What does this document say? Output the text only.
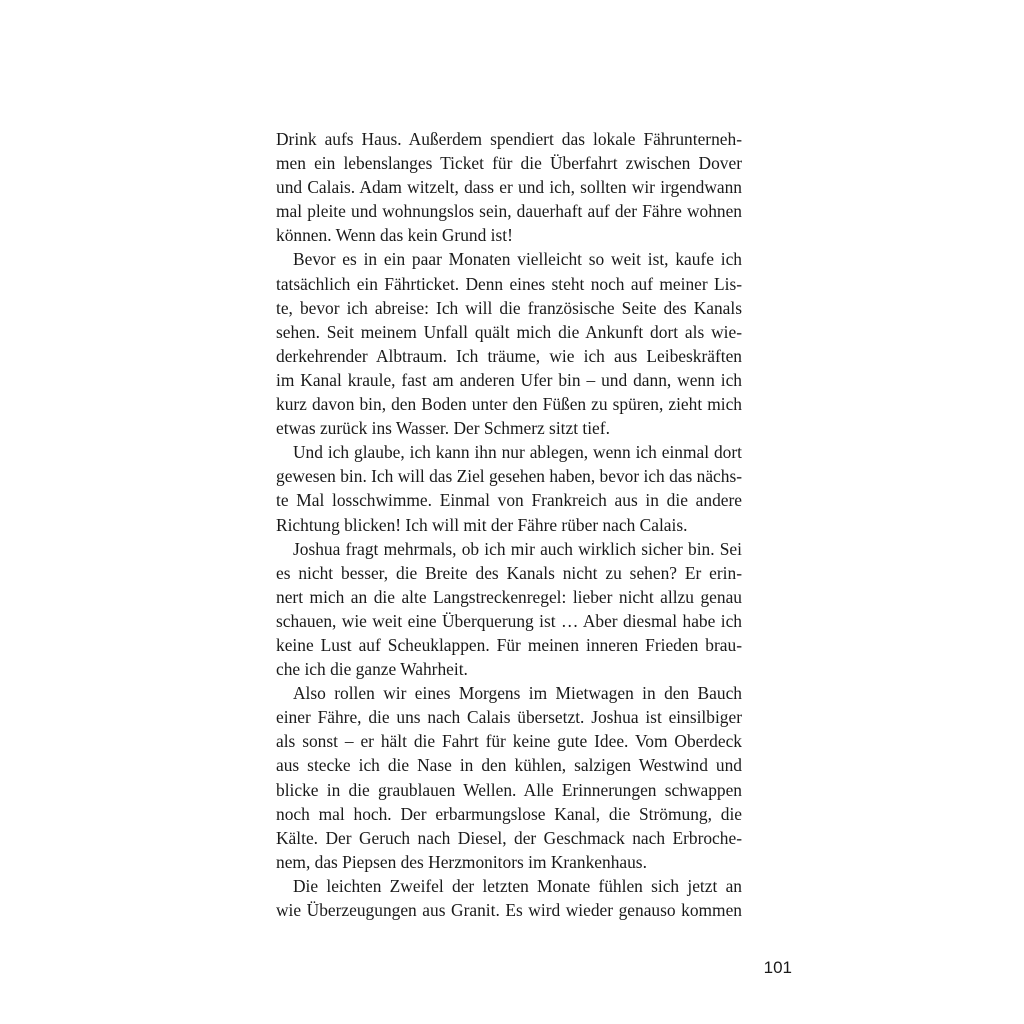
Drink aufs Haus. Außerdem spendiert das lokale Fährunterneh-
men ein lebenslanges Ticket für die Überfahrt zwischen Dover
und Calais. Adam witzelt, dass er und ich, sollten wir irgendwann
mal pleite und wohnungslos sein, dauerhaft auf der Fähre wohnen
können. Wenn das kein Grund ist!
Bevor es in ein paar Monaten vielleicht so weit ist, kaufe ich
tatsächlich ein Fährticket. Denn eines steht noch auf meiner Lis-
te, bevor ich abreise: Ich will die französische Seite des Kanals
sehen. Seit meinem Unfall quält mich die Ankunft dort als wie-
derkehrender Albtraum. Ich träume, wie ich aus Leibeskräften
im Kanal kraule, fast am anderen Ufer bin – und dann, wenn ich
kurz davon bin, den Boden unter den Füßen zu spüren, zieht mich
etwas zurück ins Wasser. Der Schmerz sitzt tief.
Und ich glaube, ich kann ihn nur ablegen, wenn ich einmal dort
gewesen bin. Ich will das Ziel gesehen haben, bevor ich das nächs-
te Mal losschwimme. Einmal von Frankreich aus in die andere
Richtung blicken! Ich will mit der Fähre rüber nach Calais.
Joshua fragt mehrmals, ob ich mir auch wirklich sicher bin. Sei
es nicht besser, die Breite des Kanals nicht zu sehen? Er erin-
nert mich an die alte Langstreckenregel: lieber nicht allzu genau
schauen, wie weit eine Überquerung ist … Aber diesmal habe ich
keine Lust auf Scheuklappen. Für meinen inneren Frieden brau-
che ich die ganze Wahrheit.
Also rollen wir eines Morgens im Mietwagen in den Bauch
einer Fähre, die uns nach Calais übersetzt. Joshua ist einsilbiger
als sonst – er hält die Fahrt für keine gute Idee. Vom Oberdeck
aus stecke ich die Nase in den kühlen, salzigen Westwind und
blicke in die graublauen Wellen. Alle Erinnerungen schwappen
noch mal hoch. Der erbarmungslose Kanal, die Strömung, die
Kälte. Der Geruch nach Diesel, der Geschmack nach Erbroche-
nem, das Piepsen des Herzmonitors im Krankenhaus.
Die leichten Zweifel der letzten Monate fühlen sich jetzt an
wie Überzeugungen aus Granit. Es wird wieder genauso kommen
101
